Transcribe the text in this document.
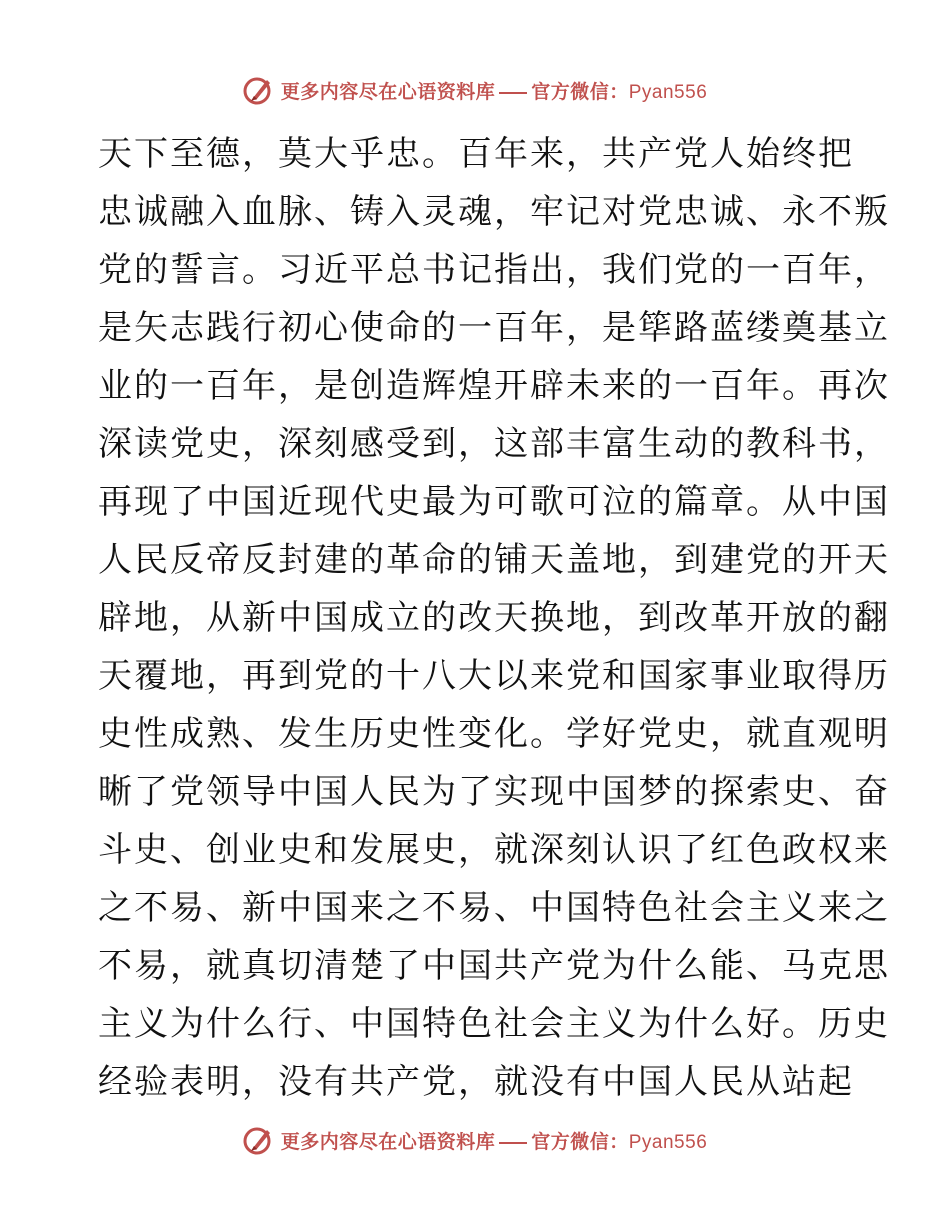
更多内容尽在心语资料库 官方微信：Pyan556
天下至德，莫大乎忠。百年来，共产党人始终把
忠诚融入血脉、铸入灵魂，牢记对党忠诚、永不叛
党的誓言。习近平总书记指出，我们党的一百年，
是矢志践行初心使命的一百年，是筚路蓝缕奠基立
业的一百年，是创造辉煌开辟未来的一百年。再次
深读党史，深刻感受到，这部丰富生动的教科书，
再现了中国近现代史最为可歌可泣的篇章。从中国
人民反帝反封建的革命的铺天盖地，到建党的开天
辟地，从新中国成立的改天换地，到改革开放的翻
天覆地，再到党的十八大以来党和国家事业取得历
史性成熟、发生历史性变化。学好党史，就直观明
晰了党领导中国人民为了实现中国梦的探索史、奋
斗史、创业史和发展史，就深刻认识了红色政权来
之不易、新中国来之不易、中国特色社会主义来之
不易，就真切清楚了中国共产党为什么能、马克思
主义为什么行、中国特色社会主义为什么好。历史
经验表明，没有共产党，就没有中国人民从站起
更多内容尽在心语资料库 官方微信：Pyan556
